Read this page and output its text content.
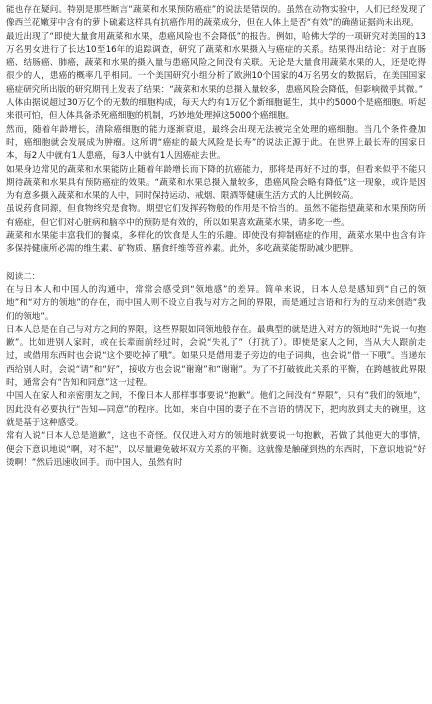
能也存在疑问。特别是那些断言“蔬菜和水果预防癌症”的说法是错误的。虽然在动物实验中，人们已经发现了像西兰花嫩芽中含有的萝卜硫素这样具有抗癌作用的蔬菜成分，但在人体上是否“有效”的确凿证据尚未出现。

最近出现了“即使大量食用蔬菜和水果，患癌风险也不会降低”的报告。例如，哈佛大学的一项研究对美国的13万名男女进行了长达10至16年的追踪调查，研究了蔬菜和水果摄入与癌症的关系。结果得出结论：对于直肠癌、结肠癌、肺癌，蔬菜和水果的摄入量与患癌风险之间没有关联。无论是大量食用蔬菜水果的人，还是吃得很少的人，患癌的概率几乎相同。一个美国研究小组分析了欧洲10个国家的4万名男女的数据后，在美国国家癌症研究所出版的研究期刊上发表了结果：“蔬菜和水果的总摄入量较多，患癌风险会降低，但影响微乎其微。”

人体由据说超过30万亿个的无数的细胞构成，每天大约有1万亿个新细胞诞生，其中约5000个是癌细胞。听起来很可怕，但人体具备杀死癌细胞的机制，巧妙地处理掉这5000个癌细胞。

然而，随着年龄增长，清除癌细胞的能力逐渐衰退，最终会出现无法被完全处理的癌细胞。当几个条件叠加时，癌细胞就会发展成为肿瘤。这所谓“癌症的最大风险是长寿”的说法正源于此。在世界上最长寿的国家日本，每2人中就有1人患癌，每3人中就有1人因癌症去世。

如果身边常见的蔬菜和水果能防止随着年龄增长而下降的抗癌能力，那将是再好不过的事，但看来似乎不能只期待蔬菜和水果具有预防癌症的效果。“蔬菜和水果总摄入量较多，患癌风险会略有降低”这一现象，或许是因为有意多摄入蔬菜和水果的人中，同时保持运动、戒烟、限酒等健康生活方式的人比例较高。

虽说药食同源，但食物终究是食物。期望它们发挥药物般的作用是不恰当的。虽然不能指望蔬菜和水果预防所有癌症，但它们对心脏病和脑卒中的预防是有效的，所以如果喜欢蔬菜水果，请多吃一些。

蔬菜和水果能丰富我们的餐桌，多样化的饮食是人生的乐趣。即使没有抑制癌症的作用，蔬菜水果中也含有许多保持健康所必需的维生素、矿物质、膳食纤维等营养素。此外，多吃蔬菜能帮助减少肥胖。

阅读二：

在与日本人和中国人的沟通中，常常会感受到“领地感”的差异。简单来说，日本人总是感知到“自己的领地”和“对方的领地”的存在，而中国人则不设立自我与对方之间的界限，而是通过言语和行为的互动来创造“我们的领地”。

日本人总是在自己与对方之间的界限，这些界限如同领地般存在。最典型的就是进入对方的领地时“先说一句抱歉”。比如进别人家时，或在长辈面前经过时，会说“失礼了”（打扰了）。即使是家人之间，当从大人跟前走过，或借用东西时也会说“这个要吃掉了哦”。如果只是借用妻子旁边的电子词典，也会说“借一下哦”。当递东西给别人时，会说“请”和“好”，接收方也会说“谢谢”和“谢谢”。为了不打破彼此关系的平衡，在跨越彼此界限时，通常会有“告知和同意”这一过程。

中国人在家人和亲密朋友之间，不像日本人那样事事要说“抱歉”。他们之间没有“界限”，只有“我们的领地”，因此没有必要执行“告知—同意”的程序。比如，来自中国的妻子在不言语的情况下，把肉放到丈夫的碗里，这就是基于这种感受。

常有人说“日本人总是道歉”，这也不奇怪。仅仅进入对方的领地时就要说一句抱歉，若做了其他更大的事情，便会下意识地说“啊，对不起”，以尽量避免破坏双方关系的平衡。这就像是触碰到热的东西时，下意识地说“好烫啊！”然后迅速收回手。而中国人，虽然有时
